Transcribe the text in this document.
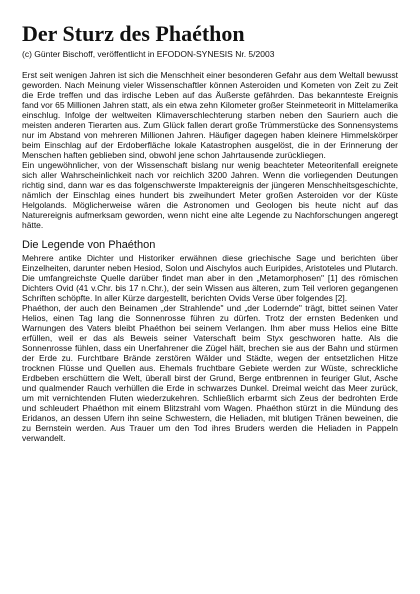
Der Sturz des Phaéthon
(c) Günter Bischoff, veröffentlicht in EFODON-SYNESIS Nr. 5/2003

Erst seit wenigen Jahren ist sich die Menschheit einer besonderen Gefahr aus dem Weltall bewusst geworden. Nach Meinung vieler Wissenschaftler können Asteroiden und Kometen von Zeit zu Zeit die Erde treffen und das irdische Leben auf das Äußerste gefährden. Das bekannteste Ereignis fand vor 65 Millionen Jahren statt, als ein etwa zehn Kilometer großer Steinmeteorit in Mittelamerika einschlug. Infolge der weltweiten Klimaverschlechterung starben neben den Sauriern auch die meisten anderen Tierarten aus. Zum Glück fallen derart große Trümmerstücke des Sonnensystems nur im Abstand von mehreren Millionen Jahren. Häufiger dagegen haben kleinere Himmelskörper beim Einschlag auf der Erdoberfläche lokale Katastrophen ausgelöst, die in der Erinnerung der Menschen haften geblieben sind, obwohl jene schon Jahrtausende zurückliegen.

Ein ungewöhnlicher, von der Wissenschaft bislang nur wenig beachteter Meteoritenfall ereignete sich aller Wahrscheinlichkeit nach vor reichlich 3200 Jahren. Wenn die vorliegenden Deutungen richtig sind, dann war es das folgenschwerste Impaktereignis der jüngeren Menschheitsgeschichte, nämlich der Einschlag eines hundert bis zweihundert Meter großen Asteroiden vor der Küste Helgolands. Möglicherweise wären die Astronomen und Geologen bis heute nicht auf das Naturereignis aufmerksam geworden, wenn nicht eine alte Legende zu Nachforschungen angeregt hätte.

Die Legende von Phaéthon

Mehrere antike Dichter und Historiker erwähnen diese griechische Sage und berichten über Einzelheiten, darunter neben Hesiod, Solon und Aischylos auch Euripides, Aristoteles und Plutarch. Die umfangreichste Quelle darüber findet man aber in den „Metamorphosen" [1] des römischen Dichters Ovid (41 v.Chr. bis 17 n.Chr.), der sein Wissen aus älteren, zum Teil verloren gegangenen Schriften schöpfte. In aller Kürze dargestellt, berichten Ovids Verse über folgendes [2].

Phaéthon, der auch den Beinamen „der Strahlende" und „der Lodernde" trägt, bittet seinen Vater Helios, einen Tag lang die Sonnenrosse führen zu dürfen. Trotz der ernsten Bedenken und Warnungen des Vaters bleibt Phaéthon bei seinem Verlangen. Ihm aber muss Helios eine Bitte erfüllen, weil er das als Beweis seiner Vaterschaft beim Styx geschworen hatte. Als die Sonnenrosse fühlen, dass ein Unerfahrener die Zügel hält, brechen sie aus der Bahn und stürmen der Erde zu. Furchtbare Brände zerstören Wälder und Städte, wegen der entsetzlichen Hitze trocknen Flüsse und Quellen aus. Ehemals fruchtbare Gebiete werden zur Wüste, schreckliche Erdbeben erschüttern die Welt, überall birst der Grund, Berge entbrennen in feuriger Glut, Asche und qualmender Rauch verhüllen die Erde in schwarzes Dunkel. Dreimal weicht das Meer zurück, um mit vernichtenden Fluten wiederzukehren. Schließlich erbarmt sich Zeus der bedrohten Erde und schleudert Phaéthon mit einem Blitzstrahl vom Wagen. Phaéthon stürzt in die Mündung des Eridanos, an dessen Ufern ihn seine Schwestern, die Heliaden, mit blutigen Tränen beweinen, die zu Bernstein werden. Aus Trauer um den Tod ihres Bruders werden die Heliaden in Pappeln verwandelt.
